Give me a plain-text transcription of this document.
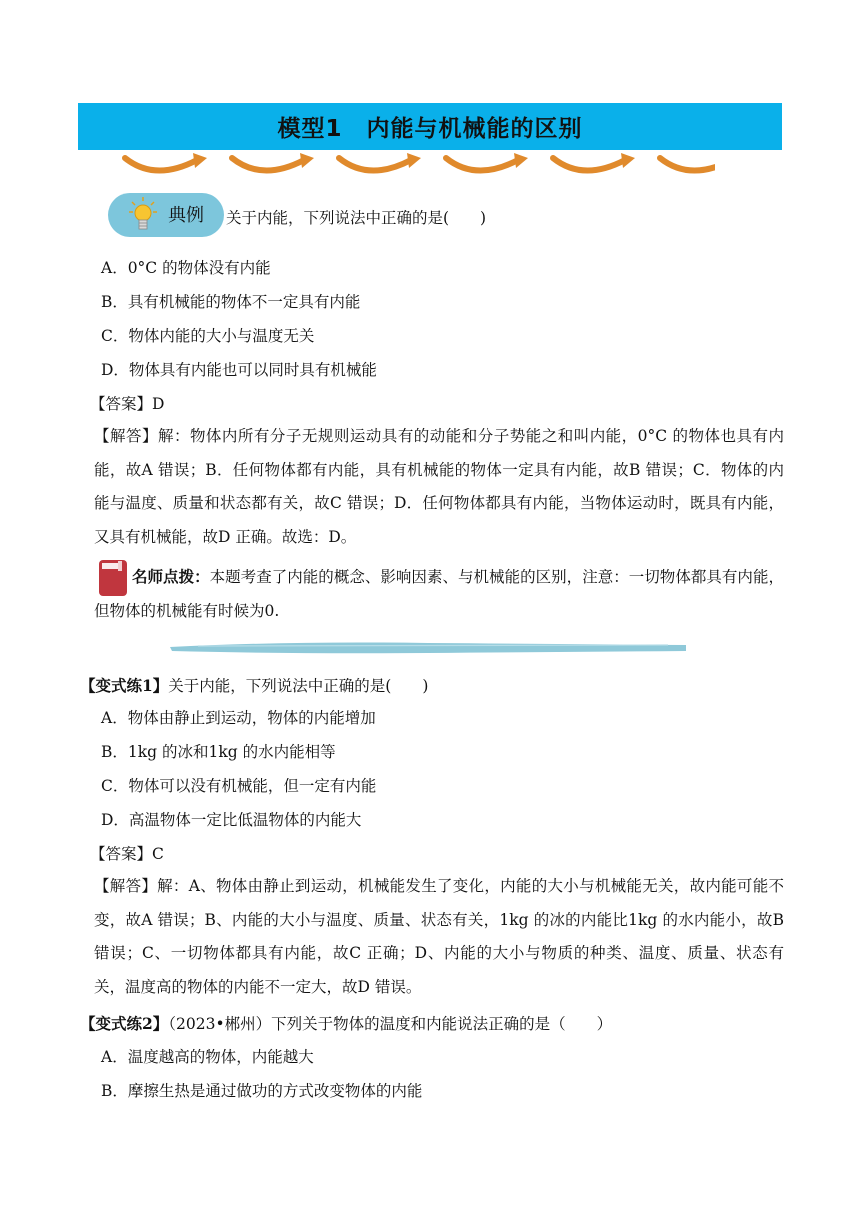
模型1　内能与机械能的区别
典例 关于内能，下列说法中正确的是(　　)
A．0°C 的物体没有内能
B．具有机械能的物体不一定具有内能
C．物体内能的大小与温度无关
D．物体具有内能也可以同时具有机械能
【答案】D
【解答】解：物体内所有分子无规则运动具有的动能和分子势能之和叫内能，0°C 的物体也具有内能，故A 错误；B．任何物体都有内能，具有机械能的物体一定具有内能，故B 错误；C．物体的内能与温度、质量和状态都有关，故C 错误；D．任何物体都具有内能，当物体运动时，既具有内能，又具有机械能，故D 正确。故选：D。
名师点拨：本题考查了内能的概念、影响因素、与机械能的区别，注意：一切物体都具有内能，但物体的机械能有时候为0.
【变式练1】关于内能，下列说法中正确的是(　　)
A．物体由静止到运动，物体的内能增加
B．1kg 的冰和1kg 的水内能相等
C．物体可以没有机械能，但一定有内能
D．高温物体一定比低温物体的内能大
【答案】C
【解答】解：A、物体由静止到运动，机械能发生了变化，内能的大小与机械能无关，故内能可能不变，故A 错误；B、内能的大小与温度、质量、状态有关，1kg 的冰的内能比1kg 的水内能小，故B 错误；C、一切物体都具有内能，故C 正确；D、内能的大小与物质的种类、温度、质量、状态有关，温度高的物体的内能不一定大，故D 错误。
【变式练2】（2023•郴州）下列关于物体的温度和内能说法正确的是（　　）
A．温度越高的物体，内能越大
B．摩擦生热是通过做功的方式改变物体的内能
